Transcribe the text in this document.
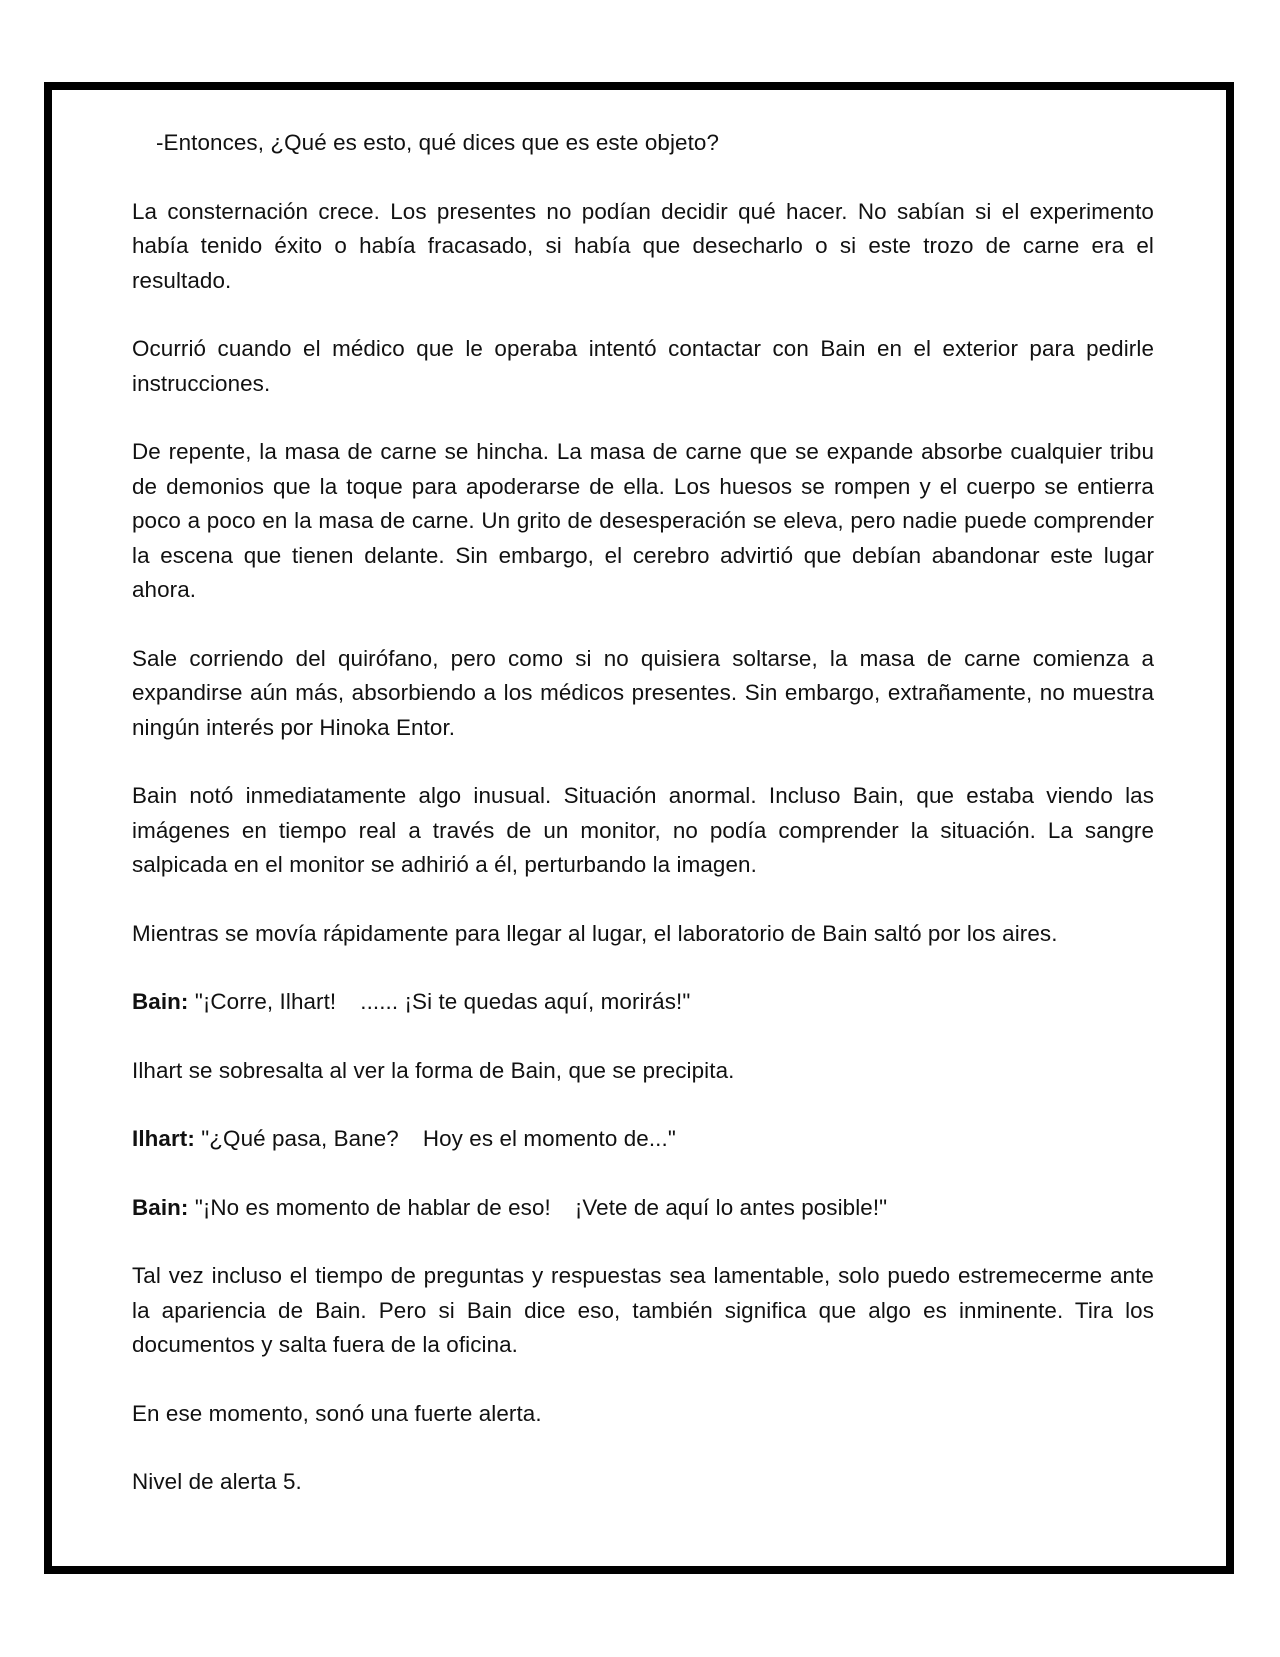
-Entonces, ¿Qué es esto, qué dices que es este objeto?

La consternación crece. Los presentes no podían decidir qué hacer. No sabían si el experimento había tenido éxito o había fracasado, si había que desecharlo o si este trozo de carne era el resultado.

Ocurrió cuando el médico que le operaba intentó contactar con Bain en el exterior para pedirle instrucciones.

De repente, la masa de carne se hincha. La masa de carne que se expande absorbe cualquier tribu de demonios que la toque para apoderarse de ella. Los huesos se rompen y el cuerpo se entierra poco a poco en la masa de carne. Un grito de desesperación se eleva, pero nadie puede comprender la escena que tienen delante. Sin embargo, el cerebro advirtió que debían abandonar este lugar ahora.

Sale corriendo del quirófano, pero como si no quisiera soltarse, la masa de carne comienza a expandirse aún más, absorbiendo a los médicos presentes. Sin embargo, extrañamente, no muestra ningún interés por Hinoka Entor.

Bain notó inmediatamente algo inusual. Situación anormal. Incluso Bain, que estaba viendo las imágenes en tiempo real a través de un monitor, no podía comprender la situación. La sangre salpicada en el monitor se adhirió a él, perturbando la imagen.

Mientras se movía rápidamente para llegar al lugar, el laboratorio de Bain saltó por los aires.

Bain: "¡Corre, Ilhart! ...... ¡Si te quedas aquí, morirás!"

Ilhart se sobresalta al ver la forma de Bain, que se precipita.

Ilhart: "¿Qué pasa, Bane? Hoy es el momento de..."

Bain: "¡No es momento de hablar de eso! ¡Vete de aquí lo antes posible!"

Tal vez incluso el tiempo de preguntas y respuestas sea lamentable, solo puedo estremecerme ante la apariencia de Bain. Pero si Bain dice eso, también significa que algo es inminente. Tira los documentos y salta fuera de la oficina.

En ese momento, sonó una fuerte alerta.

Nivel de alerta 5.
